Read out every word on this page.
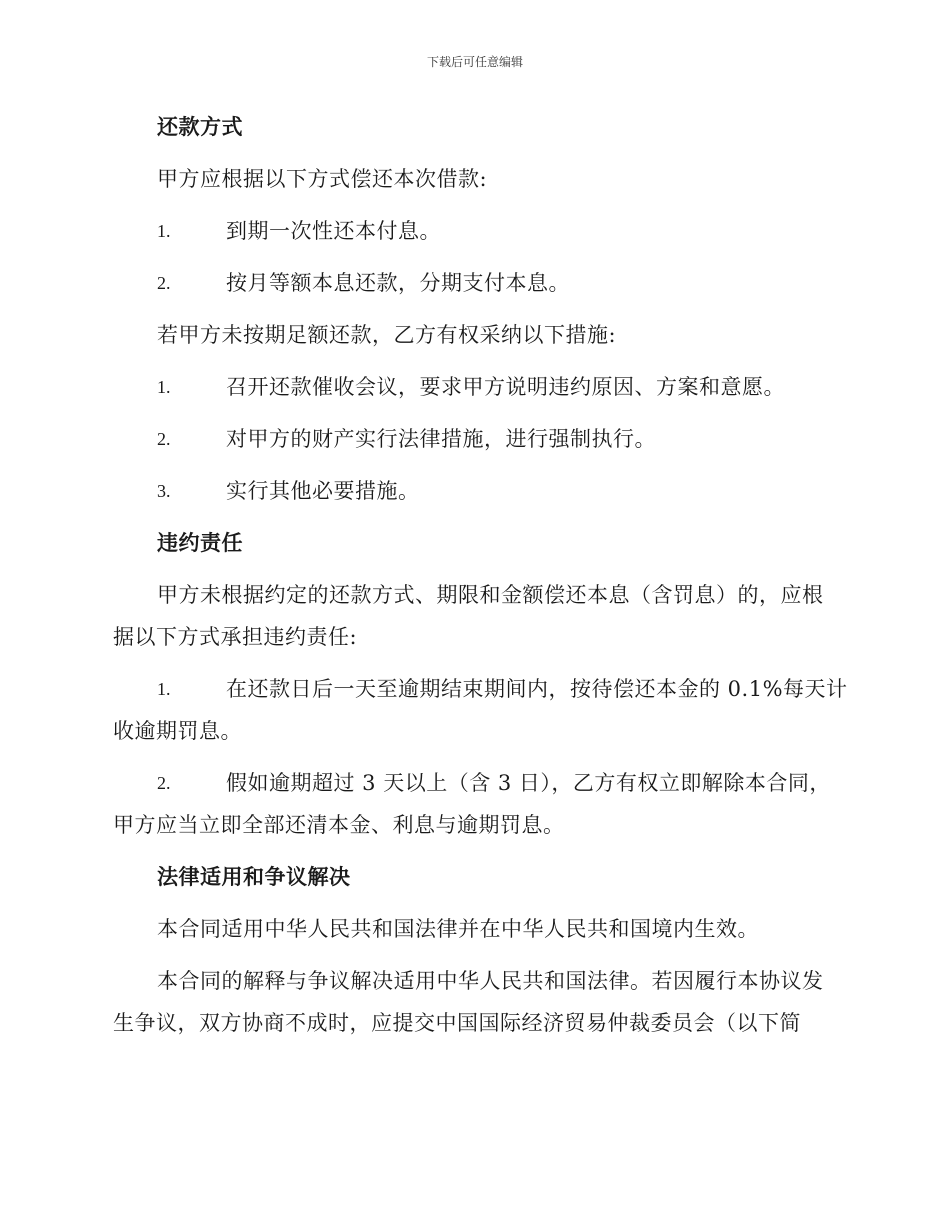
下载后可任意编辑
还款方式
甲方应根据以下方式偿还本次借款:
1.	到期一次性还本付息。
2.	按月等额本息还款，分期支付本息。
若甲方未按期足额还款，乙方有权采纳以下措施:
1.	召开还款催收会议，要求甲方说明违约原因、方案和意愿。
2.	对甲方的财产实行法律措施，进行强制执行。
3.	实行其他必要措施。
违约责任
甲方未根据约定的还款方式、期限和金额偿还本息（含罚息）的，应根
据以下方式承担违约责任:
1.	在还款日后一天至逾期结束期间内，按待偿还本金的 0.1%每天计
收逾期罚息。
2.	假如逾期超过 3 天以上（含 3 日），乙方有权立即解除本合同，
甲方应当立即全部还清本金、利息与逾期罚息。
法律适用和争议解决
本合同适用中华人民共和国法律并在中华人民共和国境内生效。
本合同的解释与争议解决适用中华人民共和国法律。若因履行本协议发
生争议，双方协商不成时，应提交中国国际经济贸易仲裁委员会（以下简
